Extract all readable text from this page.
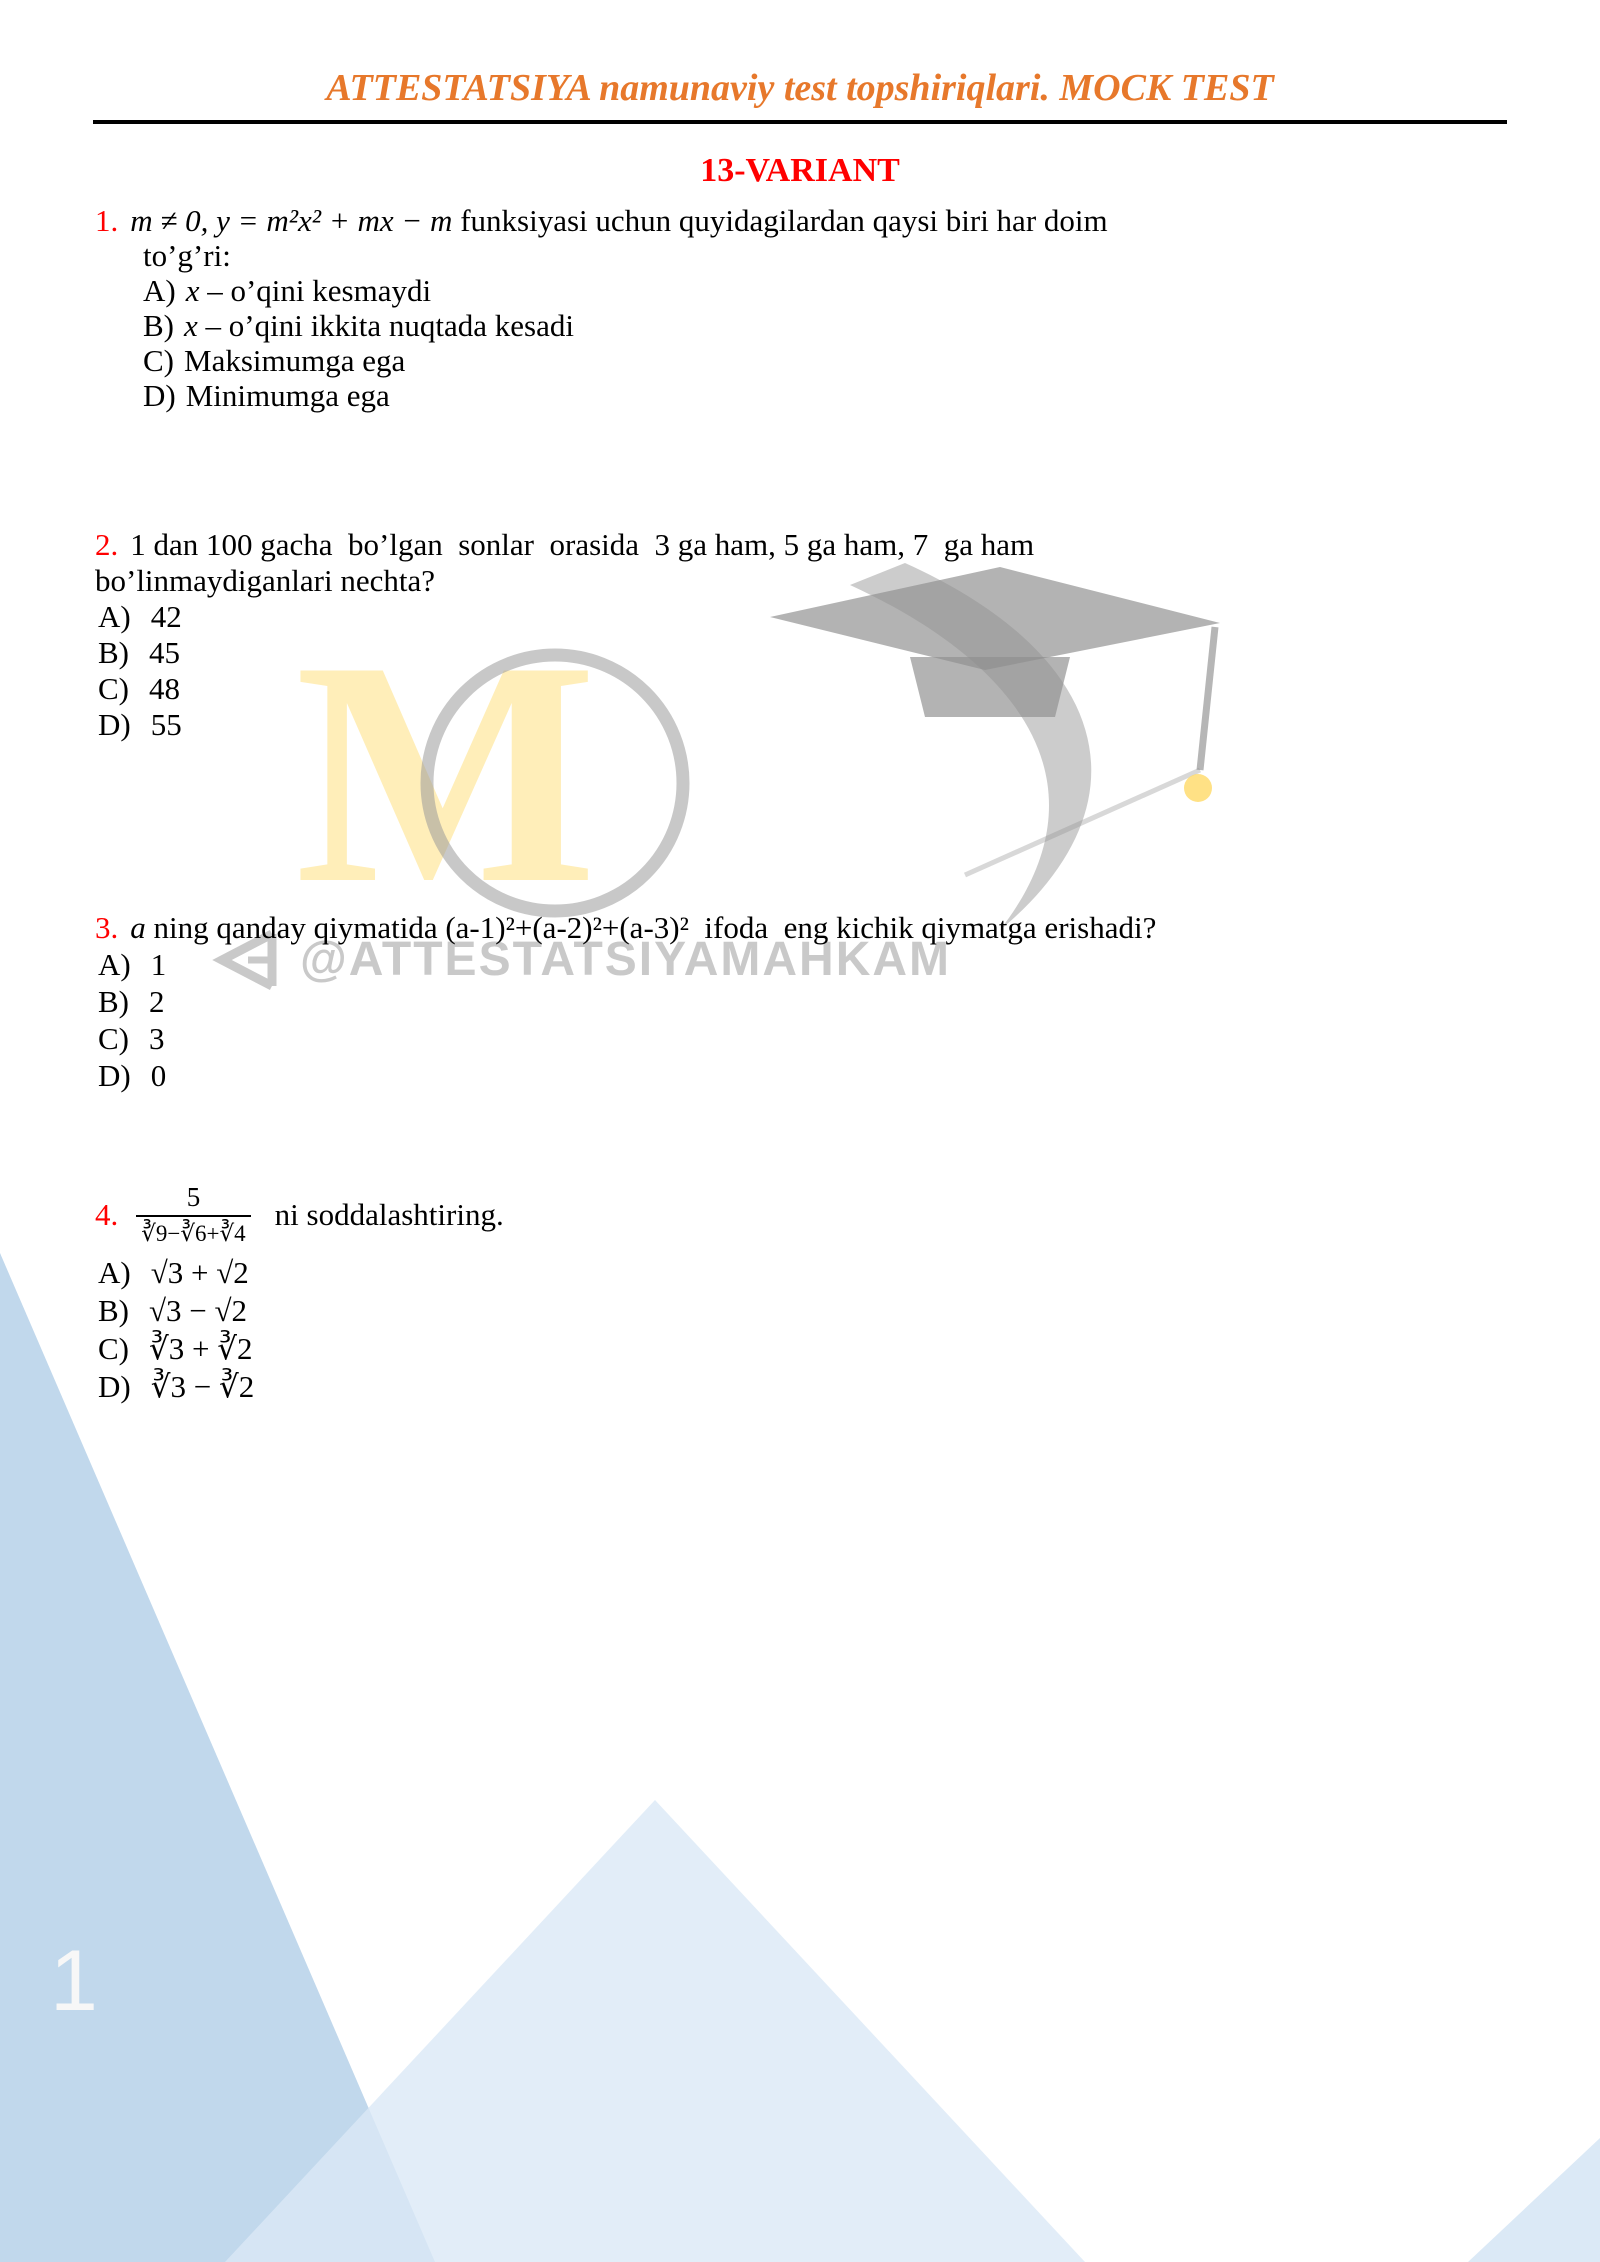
1
M
@ATTESTATSIYAMAHKAM
ATTESTATSIYA namunaviy test topshiriqlari. MOCK TEST
13-VARIANT
1. m ≠ 0, y = m²x² + mx − m funksiyasi uchun quyidagilardan qaysi biri har doim
to’g’ri:
A) x – o’qini kesmaydi
B) x – o’qini ikkita nuqtada kesadi
C) Maksimumga ega
D) Minimumga ega
2. 1 dan 100 gacha  bo’lgan  sonlar  orasida  3 ga ham, 5 ga ham, 7  ga ham
bo’linmaydiganlari nechta?
A) 42
B) 45
C) 48
D) 55
3. a ning qanday qiymatida (a-1)²+(a-2)²+(a-3)²  ifoda  eng kichik qiymatga erishadi?
A) 1
B) 2
C) 3
D) 0
4. $\frac{5}{∛9-∛6+∛4}$ ni soddalashtiring.
A) √3 + √2
B) √3 − √2
C) ∛3 + ∛2
D) ∛3 − ∛2
